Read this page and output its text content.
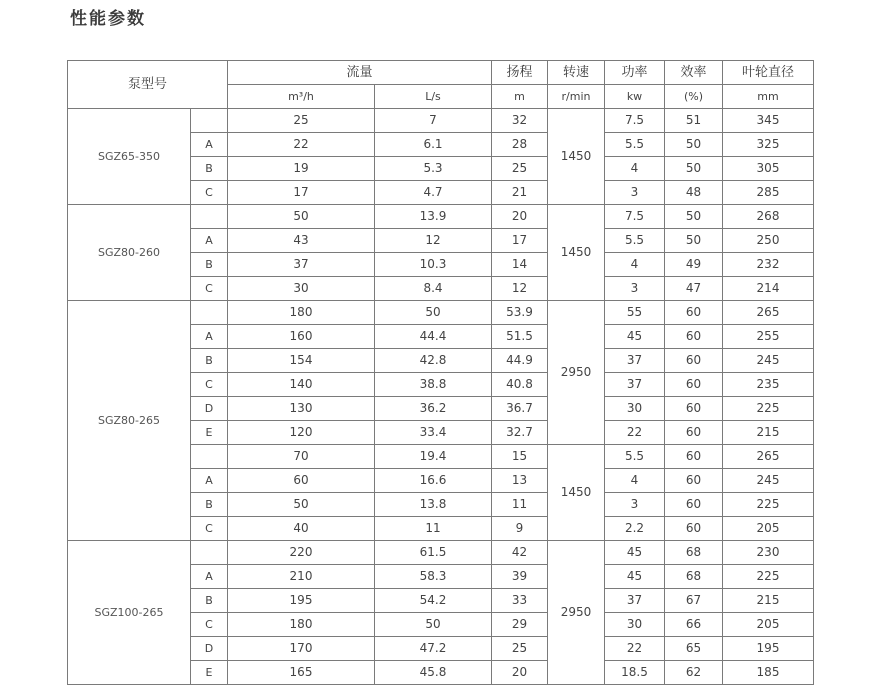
性能参数
泵型号		流量		扬程	转速	功率	效率	叶轮直径
		m³/h	L/s	m	r/min	kw	(%)	mm
SGZ65-350		25	7	32	1450	7.5	51	345
	A	22	6.1	28		5.5	50	325
	B	19	5.3	25		4	50	305
	C	17	4.7	21		3	48	285
SGZ80-260		50	13.9	20	1450	7.5	50	268
	A	43	12	17		5.5	50	250
	B	37	10.3	14		4	49	232
	C	30	8.4	12		3	47	214
SGZ80-265		180	50	53.9	2950	55	60	265
	A	160	44.4	51.5		45	60	255
	B	154	42.8	44.9		37	60	245
	C	140	38.8	40.8		37	60	235
	D	130	36.2	36.7		30	60	225
	E	120	33.4	32.7		22	60	215
		70	19.4	15	1450	5.5	60	265
	A	60	16.6	13		4	60	245
	B	50	13.8	11		3	60	225
	C	40	11	9		2.2	60	205
SGZ100-265		220	61.5	42	2950	45	68	230
	A	210	58.3	39		45	68	225
	B	195	54.2	33		37	67	215
	C	180	50	29		30	66	205
	D	170	47.2	25		22	65	195
	E	165	45.8	20		18.5	62	185
